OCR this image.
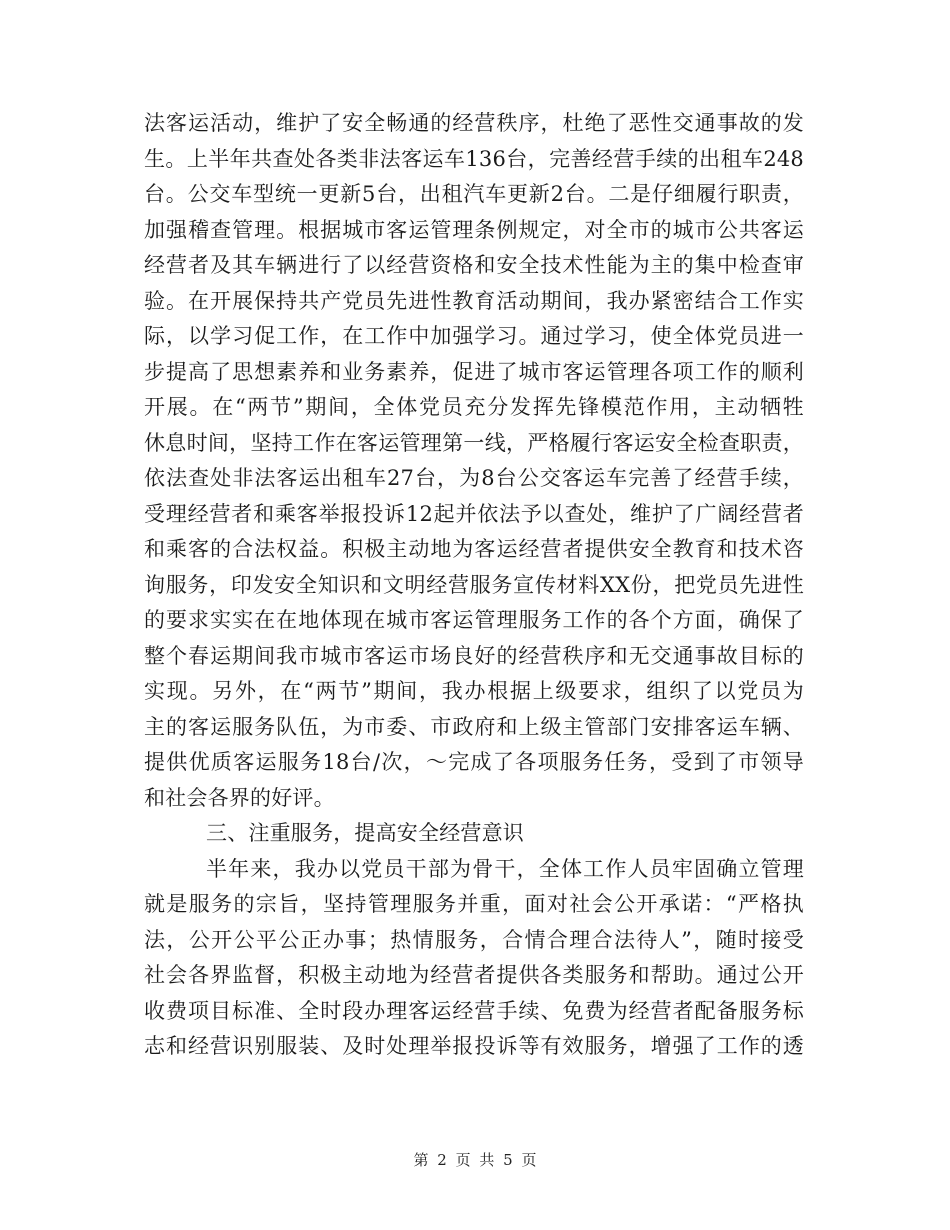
法客运活动，维护了安全畅通的经营秩序，杜绝了恶性交通事故的发
生。上半年共查处各类非法客运车136台，完善经营手续的出租车248
台。公交车型统一更新5台，出租汽车更新2台。二是仔细履行职责，
加强稽查管理。根据城市客运管理条例规定，对全市的城市公共客运
经营者及其车辆进行了以经营资格和安全技术性能为主的集中检查审
验。在开展保持共产党员先进性教育活动期间，我办紧密结合工作实
际，以学习促工作，在工作中加强学习。通过学习，使全体党员进一
步提高了思想素养和业务素养，促进了城市客运管理各项工作的顺利
开展。在“两节”期间，全体党员充分发挥先锋模范作用，主动牺牲
休息时间，坚持工作在客运管理第一线，严格履行客运安全检查职责，
依法查处非法客运出租车27台，为8台公交客运车完善了经营手续，
受理经营者和乘客举报投诉12起并依法予以查处，维护了广阔经营者
和乘客的合法权益。积极主动地为客运经营者提供安全教育和技术咨
询服务，印发安全知识和文明经营服务宣传材料XX份，把党员先进性
的要求实实在在地体现在城市客运管理服务工作的各个方面，确保了
整个春运期间我市城市客运市场良好的经营秩序和无交通事故目标的
实现。另外，在“两节”期间，我办根据上级要求，组织了以党员为
主的客运服务队伍，为市委、市政府和上级主管部门安排客运车辆、
提供优质客运服务18台/次，～完成了各项服务任务，受到了市领导
和社会各界的好评。
三、注重服务，提高安全经营意识
半年来，我办以党员干部为骨干，全体工作人员牢固确立管理
就是服务的宗旨，坚持管理服务并重，面对社会公开承诺：“严格执
法，公开公平公正办事；热情服务，合情合理合法待人”，随时接受
社会各界监督，积极主动地为经营者提供各类服务和帮助。通过公开
收费项目标准、全时段办理客运经营手续、免费为经营者配备服务标
志和经营识别服装、及时处理举报投诉等有效服务，增强了工作的透
第 2 页 共 5 页
